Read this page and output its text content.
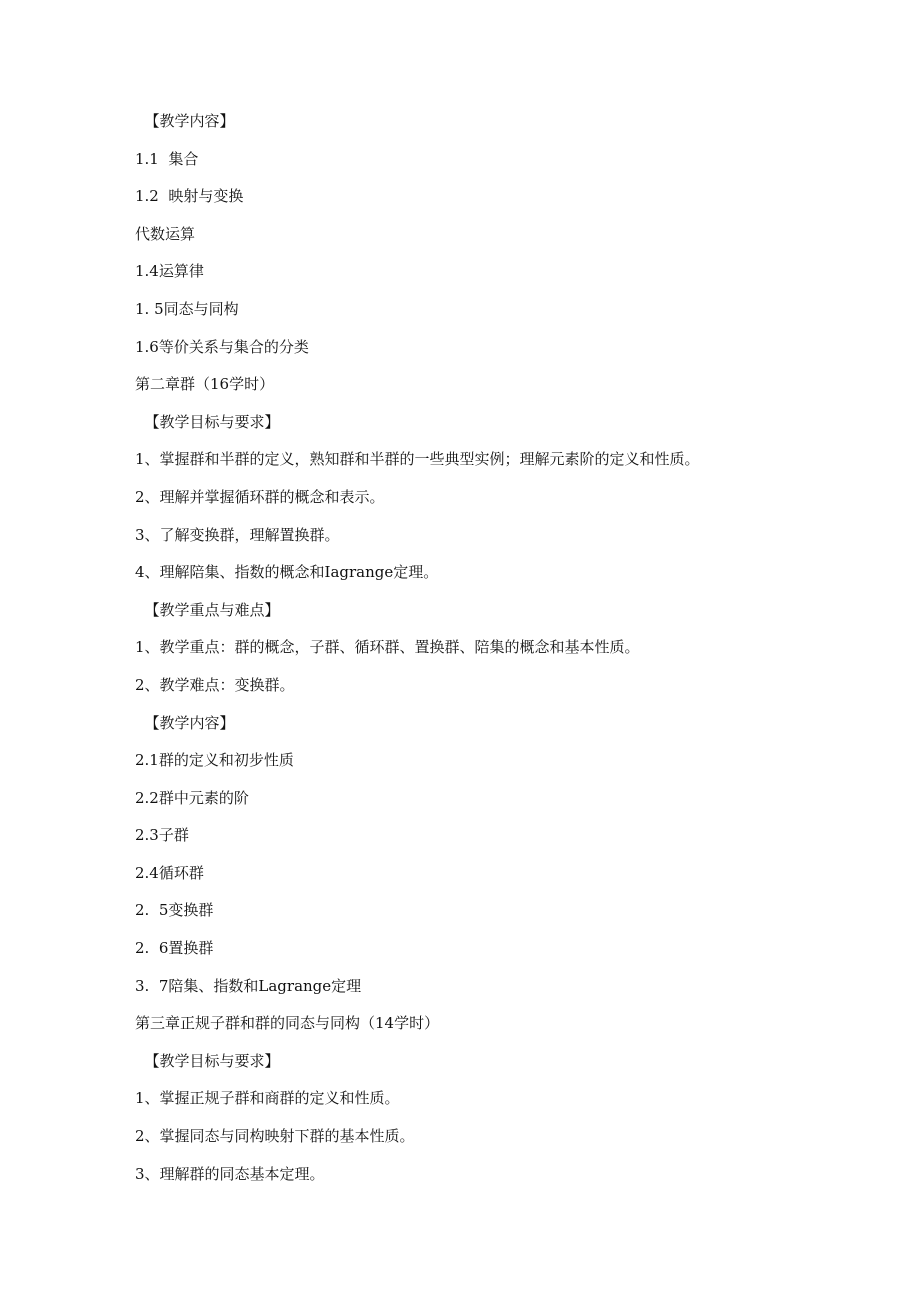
【教学内容】
1.1  集合
1.2  映射与变换
代数运算
1.4运算律
1. 5同态与同构
1.6等价关系与集合的分类
第二章群（16学时）
【教学目标与要求】
1、掌握群和半群的定义，熟知群和半群的一些典型实例；理解元素阶的定义和性质。
2、理解并掌握循环群的概念和表示。
3、了解变换群，理解置换群。
4、理解陪集、指数的概念和Iagrange定理。
【教学重点与难点】
1、教学重点：群的概念，子群、循环群、置换群、陪集的概念和基本性质。
2、教学难点：变换群。
【教学内容】
2.1群的定义和初步性质
2.2群中元素的阶
2.3子群
2.4循环群
2.  5变换群
2.  6置换群
3.  7陪集、指数和Lagrange定理
第三章正规子群和群的同态与同构（14学时）
【教学目标与要求】
1、掌握正规子群和商群的定义和性质。
2、掌握同态与同构映射下群的基本性质。
3、理解群的同态基本定理。
